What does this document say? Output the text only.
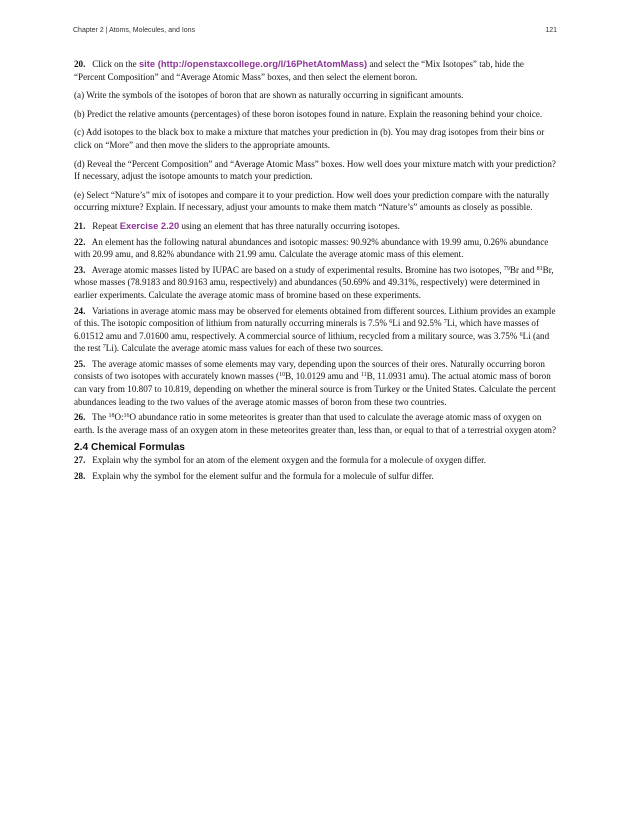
Chapter 2 | Atoms, Molecules, and Ions	121

20. Click on the site (http://openstaxcollege.org/l/16PhetAtomMass) and select the “Mix Isotopes” tab, hide the “Percent Composition” and “Average Atomic Mass” boxes, and then select the element boron.

(a) Write the symbols of the isotopes of boron that are shown as naturally occurring in significant amounts.

(b) Predict the relative amounts (percentages) of these boron isotopes found in nature. Explain the reasoning behind your choice.

(c) Add isotopes to the black box to make a mixture that matches your prediction in (b). You may drag isotopes from their bins or click on “More” and then move the sliders to the appropriate amounts.

(d) Reveal the “Percent Composition” and “Average Atomic Mass” boxes. How well does your mixture match with your prediction? If necessary, adjust the isotope amounts to match your prediction.

(e) Select “Nature’s” mix of isotopes and compare it to your prediction. How well does your prediction compare with the naturally occurring mixture? Explain. If necessary, adjust your amounts to make them match “Nature’s” amounts as closely as possible.

21. Repeat Exercise 2.20 using an element that has three naturally occurring isotopes.

22. An element has the following natural abundances and isotopic masses: 90.92% abundance with 19.99 amu, 0.26% abundance with 20.99 amu, and 8.82% abundance with 21.99 amu. Calculate the average atomic mass of this element.

23. Average atomic masses listed by IUPAC are based on a study of experimental results. Bromine has two isotopes, $^{79}$Br and $^{81}$Br, whose masses (78.9183 and 80.9163 amu, respectively) and abundances (50.69% and 49.31%, respectively) were determined in earlier experiments. Calculate the average atomic mass of bromine based on these experiments.

24. Variations in average atomic mass may be observed for elements obtained from different sources. Lithium provides an example of this. The isotopic composition of lithium from naturally occurring minerals is 7.5% $^6$Li and 92.5% $^7$Li, which have masses of 6.01512 amu and 7.01600 amu, respectively. A commercial source of lithium, recycled from a military source, was 3.75% $^6$Li (and the rest $^7$Li). Calculate the average atomic mass values for each of these two sources.

25. The average atomic masses of some elements may vary, depending upon the sources of their ores. Naturally occurring boron consists of two isotopes with accurately known masses ($^{10}$B, 10.0129 amu and $^{11}$B, 11.0931 amu). The actual atomic mass of boron can vary from 10.807 to 10.819, depending on whether the mineral source is from Turkey or the United States. Calculate the percent abundances leading to the two values of the average atomic masses of boron from these two countries.

26. The $^{18}$O:$^{16}$O abundance ratio in some meteorites is greater than that used to calculate the average atomic mass of oxygen on earth. Is the average mass of an oxygen atom in these meteorites greater than, less than, or equal to that of a terrestrial oxygen atom?

2.4 Chemical Formulas

27. Explain why the symbol for an atom of the element oxygen and the formula for a molecule of oxygen differ.

28. Explain why the symbol for the element sulfur and the formula for a molecule of sulfur differ.
